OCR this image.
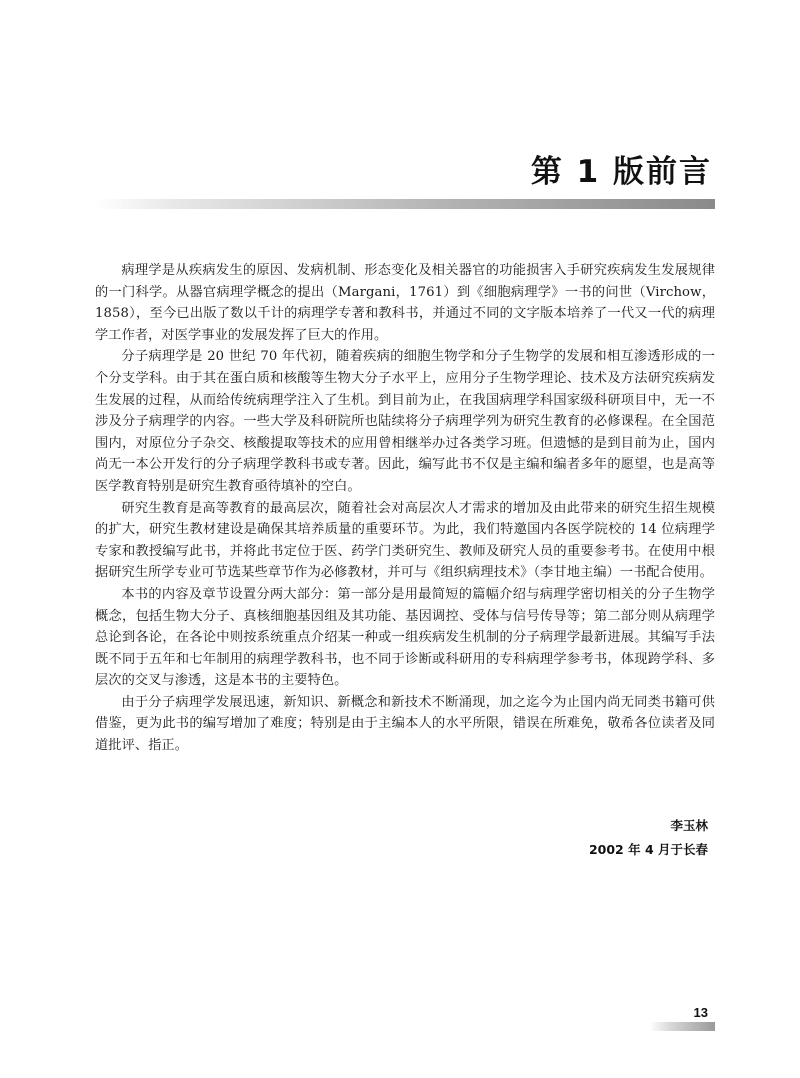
第 1 版前言

病理学是从疾病发生的原因、发病机制、形态变化及相关器官的功能损害入手研究疾病发生发展规律的一门科学。从器官病理学概念的提出（Margani，1761）到《细胞病理学》一书的问世（Virchow，1858），至今已出版了数以千计的病理学专著和教科书，并通过不同的文字版本培养了一代又一代的病理学工作者，对医学事业的发展发挥了巨大的作用。

分子病理学是 20 世纪 70 年代初，随着疾病的细胞生物学和分子生物学的发展和相互渗透形成的一个分支学科。由于其在蛋白质和核酸等生物大分子水平上，应用分子生物学理论、技术及方法研究疾病发生发展的过程，从而给传统病理学注入了生机。到目前为止，在我国病理学科国家级科研项目中，无一不涉及分子病理学的内容。一些大学及科研院所也陆续将分子病理学列为研究生教育的必修课程。在全国范围内，对原位分子杂交、核酸提取等技术的应用曾相继举办过各类学习班。但遗憾的是到目前为止，国内尚无一本公开发行的分子病理学教科书或专著。因此，编写此书不仅是主编和编者多年的愿望，也是高等医学教育特别是研究生教育亟待填补的空白。

研究生教育是高等教育的最高层次，随着社会对高层次人才需求的增加及由此带来的研究生招生规模的扩大，研究生教材建设是确保其培养质量的重要环节。为此，我们特邀国内各医学院校的 14 位病理学专家和教授编写此书，并将此书定位于医、药学门类研究生、教师及研究人员的重要参考书。在使用中根据研究生所学专业可节选某些章节作为必修教材，并可与《组织病理技术》（李甘地主编）一书配合使用。

本书的内容及章节设置分两大部分：第一部分是用最简短的篇幅介绍与病理学密切相关的分子生物学概念，包括生物大分子、真核细胞基因组及其功能、基因调控、受体与信号传导等；第二部分则从病理学总论到各论，在各论中则按系统重点介绍某一种或一组疾病发生机制的分子病理学最新进展。其编写手法既不同于五年和七年制用的病理学教科书，也不同于诊断或科研用的专科病理学参考书，体现跨学科、多层次的交叉与渗透，这是本书的主要特色。

由于分子病理学发展迅速，新知识、新概念和新技术不断涌现，加之迄今为止国内尚无同类书籍可供借鉴，更为此书的编写增加了难度；特别是由于主编本人的水平所限，错误在所难免，敬希各位读者及同道批评、指正。

李玉林
2002 年 4 月于长春
13
